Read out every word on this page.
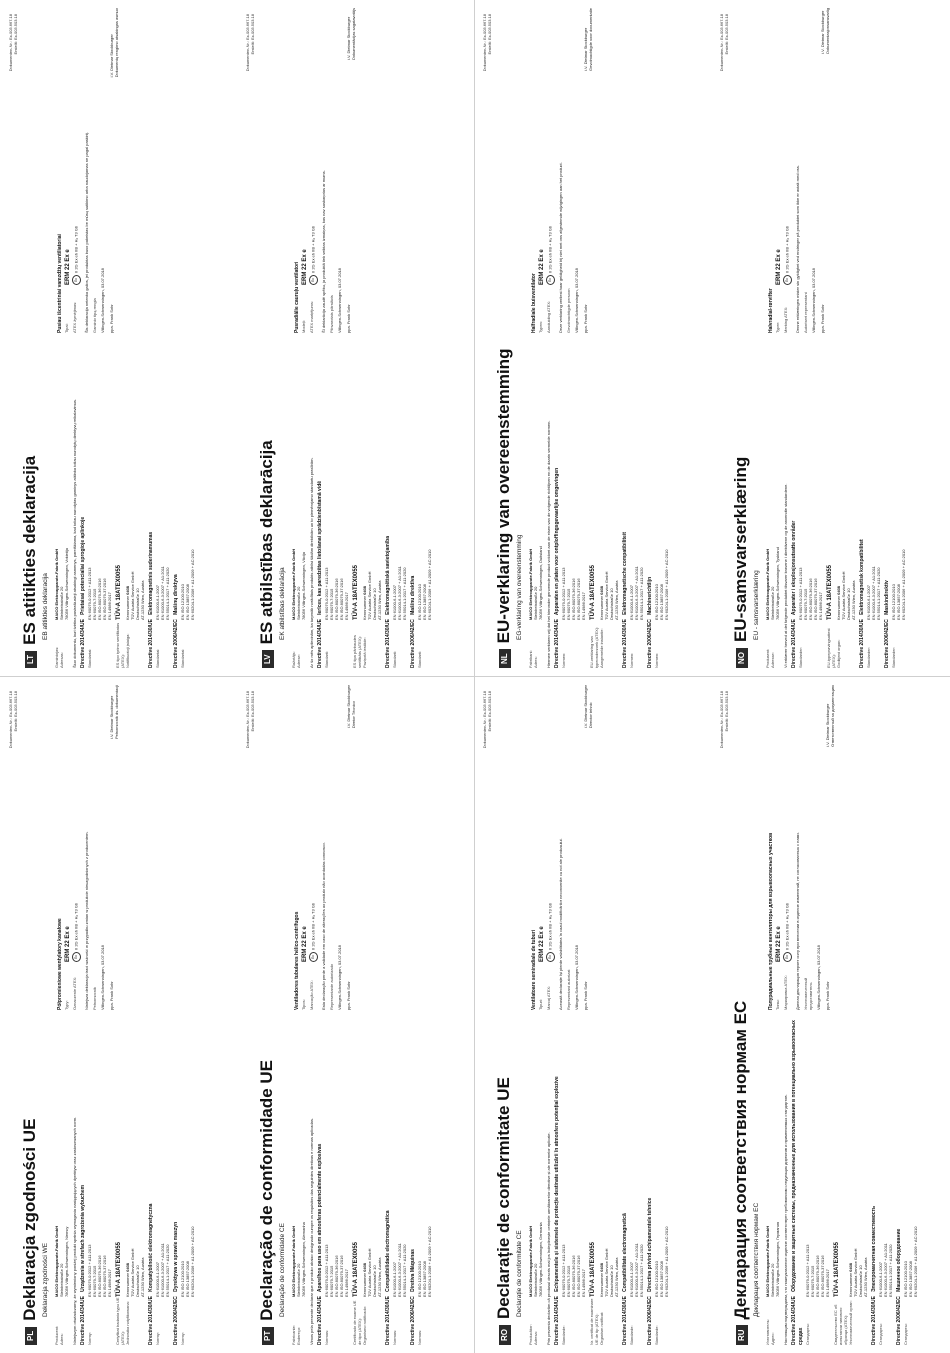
Dokumenten-Nr.: Ex-003.667.18 Erstellt: Ex-003.503.18
LTES atitikties deklaracija EB atitikties deklaracija
Gamintojas:
MAICO Elektroapparate-Fabrik GmbH
Adresas:
Steinbeisstraße 20 78056 Villingen-Schwenningen, Vokietija Šiuo dokumentu, kuri tvirtina pasirašiusieji atsakingi asmenys, pareiškiama, kad toliau nurodytas gaminys atitinka toliau nurodytų direktyvų reikalavimus. Directive 2014/34/UE   Prietaisai potencialiai sprogioje aplinkoje
Standartai:
EN 60079-0:2012 + A11:2013 EN 60079-7:2015 EN ISO 80079-36:2016 EN ISO 80079-37:2016 EN 14986:2017
ES tipo tyrimo sertifikatas (ATEX):
TÜV-A 18ATEX0055
Notifikuotoji įstaiga:
Kennnummer 0408 TÜV Austria Service GmbH Deutschstraße 10 AT-1230 Wien, Austria
Directive 2014/30/UE   Elektromagnetinis suderinamumas
Standartai:
EN 61000-6-1:2007 EN 61000-6-3:2007 + A1:2011 EN 55014-1:2017 + A11:2020
Directive 2006/42/EC   Mašinų direktyva
Standartai:
EN ISO 12100:2010 EN ISO 13857:2008 EN 60204-1:2006 + A1:2009 + AC:2010
Pusiau išcentriniai vamzdžių ventiliatoriai Tipai:
ERM 22 Ex e
ATEX žymėjimas:
ExII 2G Ex eh IIB + H₂ T3 Gb	Šis deklaracija netenka galios, jei produktas buvo pakeistas be mūsų sutikimo arba naudojamas ne pagal paskirtį. Gaminio tipą rengia Villingen-Schwenningen, 03.07.2018 ppa. Frank Sohr
i.V. Dietmar Stockburger Dokumentų rengimo atsakingas asmuo	Dokumenten-Nr.: Ex-003.667.18 Erstellt: Ex-003.503.18
LVES atbilstības deklarācija EK atbilstības deklarācija
Ražotājs:
MAICO Elektroapparate-Fabrik GmbH
Adrese:
Steinbeisstraße 20 78056 Villingen-Schwenningen, Vācija Ar šo mēs apliecinām, ka turpmāk norādītais produkts atbilst šādām direktīvām un to piemērojamo standartu prasībām. Directive 2014/34/UE   Ierīces, kas paredzētas lietošanai sprādzienbīstamā vidē
Standarti:
EN 60079-0:2012 + A11:2013 EN 60079-7:2015 EN ISO 80079-36:2016 EN ISO 80079-37:2016 EN 14986:2017
ES tipa pārbaudes sertifikāts (ATEX):
TÜV-A 18ATEX0055
Paziņotā iestāde:
Kennnummer 0408 TÜV Austria Service GmbH Deutschstraße 10 AT-1230 Wien, Austria
Directive 2014/30/UE   Elektromagnētiskā savietojamība
Standarti:
EN 61000-6-1:2007 EN 61000-6-3:2007 + A1:2011 EN 55014-1:2017 + A11:2020
Directive 2006/42/EC   Mašīnu direktīva
Standarti:
EN ISO 12100:2010 EN ISO 13857:2008 EN 60204-1:2006 + A1:2009 + AC:2010
Pusradiālie cauruļu ventilatori Modeļi:
ERM 22 Ex e
ATEX marķējums:
ExII 2G Ex eh IIB + H₂ T3 Gb	Šī deklarācija zaudē spēku, ja produktā tiek veiktas izmaiņas, kas nav saskaņotas ar mums. Pilnvarotais pārstāvis Villingen-Schwenningen, 03.07.2018 ppa. Frank Sohr
i.V. Dietmar Stockburger Dokumentācijas sagatavotājs	Dokumenten-Nr.: Ex-003.667.18 Erstellt: Ex-003.503.18
NLEU-verklaring van overeenstemming EG-verklaring van overeenstemming
Fabrikant:
MAICO Elektroapparate-Fabrik GmbH
Adres:
Steinbeisstraße 20 78056 Villingen-Schwenningen, Duitsland Hiermee verklaren wij dat het hieronder genoemde product voldoet aan de eisen van de volgende richtlijnen en de daarin vermelde normen. Directive 2014/34/UE   Apparaten en platen voor ontploffingsgevaarlijke omgevingen
Normen:
EN 60079-0:2012 + A11:2013 EN 60079-7:2015 EN ISO 80079-36:2016 EN ISO 80079-37:2016 EN 14986:2017
EU-verklaring van typeonderzoek (ATEX):
TÜV-A 18ATEX0055
Aangemelde instantie:
Kennnummer 0408 TÜV Austria Service GmbH Deutschstraße 10 AT-1230 Wien, Austria
Directive 2014/30/UE   Elektromagnetische compatibiliteit
Normen:
EN 61000-6-1:2007 EN 61000-6-3:2007 + A1:2011 EN 55014-1:2017 + A11:2020
Directive 2006/42/EC   Machinerichtlijn
Normen:
EN ISO 12100:2010 EN ISO 13857:2008 EN 60204-1:2006 + A1:2009 + AC:2010
Halfradiale buisventilator Typen:
ERM 22 Ex e
Aanduiding ATEX:
ExII 2G Ex eh IIB + H₂ T3 Gb	Deze verklaring verliest haar geldigheid bij niet met ons afgestemde wijzigingen aan het product. Gevolmachtigde persoon Villingen-Schwenningen, 03.07.2018 ppa. Frank Sohr
i.V. Dietmar Stockburger Gevolmachtigde voor documentatie	Dokumenten-Nr.: Ex-003.667.18 Erstellt: Ex-003.503.18
NOEU-samsvarserklæring EU - samsvarserklæring
Produsent:
MAICO Elektroapparate-Fabrik GmbH
Adresse:
Steinbeisstraße 20 78056 Villingen-Schwenningen, Tyskland Vi erklærer herved at det følgende produktet tilsvarer kravene i direktivene og de anvendte standardene. Directive 2014/34/UE   Apparater i eksplosjonsutsatte områder
Standarder:
EN 60079-0:2012 + A11:2013 EN 60079-7:2015 EN ISO 80079-36:2016 EN ISO 80079-37:2016 EN 14986:2017
EU-typeprøvingsattest (ATEX):
TÜV-A 18ATEX0055
Godkjent organ:
Kennnummer 0408 TÜV Austria Service GmbH Deutschstraße 10 AT-1230 Wien, Austria
Directive 2014/30/UE   Elektromagnetisk kompatibilitet
Standarder:
EN 61000-6-1:2007 EN 61000-6-3:2007 + A1:2011 EN 55014-1:2017 + A11:2020
Directive 2006/42/EC   Maskindirektiv
Standarder:
EN ISO 12100:2010 EN ISO 13857:2008 EN 60204-1:2006 + A1:2009 + AC:2010
Halvradial-rørvifter Typer:
ERM 22 Ex e
Merking ATEX:
ExII 2G Ex eh IIB + H₂ T3 Gb	Denne erklæringen mister sin gyldighet ved endringer på produktet som ikke er avtalt med oss. Autorisert representant Villingen-Schwenningen, 03.07.2018 ppa. Frank Sohr
i.V. Dietmar Stockburger Dokumentasjonsansvarlig
Dokumenten-Nr.: Ex-003.667.18 Erstellt: Ex-003.503.18
PLDeklaracja zgodności UE Deklaracja zgodności WE
Producent:
MAICO Elektroapparate-Fabrik GmbH
Adres:
Steinbeisstraße 20 78056 Villingen-Schwenningen, Niemcy Niniejszym oświadczamy, że wymieniony poniżej produkt spełnia wymagania następujących dyrektyw oraz zastosowanych norm. Directive 2014/34/UE   Urządzenia w strefach zagrożenia wybuchem
Normy:
EN 60079-0:2012 + A11:2013 EN 60079-7:2015 EN ISO 80079-36:2016 EN ISO 80079-37:2016 EN 14986:2017
Certyfikat badania typu UE (ATEX):
TÜV-A 18ATEX0055
Jednostka notyfikowana:
Kennnummer 0408 TÜV Austria Service GmbH Deutschstraße 10 AT-1230 Wien, Austria
Directive 2014/30/UE   Kompatybilność elektromagnetyczna
Normy:
EN 61000-6-1:2007 EN 61000-6-3:2007 + A1:2011 EN 55014-1:2017 + A11:2020
Directive 2006/42/EC   Dyrektywa w sprawie maszyn
Normy:
EN ISO 12100:2010 EN ISO 13857:2008 EN 60204-1:2006 + A1:2009 + AC:2010
Półpromieniowe wentylatory kanałowe Typy:
ERM 22 Ex e
Oznaczenie ATEX:
ExII 2G Ex eh IIB + H₂ T3 Gb	Niniejsza deklaracja traci ważność w przypadku zmian w produkcie nieuzgodnionych z producentem. Pełnomocnik Villingen-Schwenningen, 03.07.2018 ppa. Frank Sohr
i.V. Dietmar Stockburger Pełnomocnik ds. dokumentacji	Dokumenten-Nr.: Ex-003.667.18 Erstellt: Ex-003.503.18
PTDeclaração de conformidade UE Declaração de conformidade CE
Fabricante:
MAICO Elektroapparate-Fabrik GmbH
Endereço:
Steinbeisstraße 20 78056 Villingen-Schwenningen, Alemanha Vimos pela presente declarar que o produto abaixo designado cumpre os requisitos das seguintes diretivas e normas aplicadas. Directive 2014/34/UE   Aparelhos para uso em atmosferas potencialmente explosivas
Normas:
EN 60079-0:2012 + A11:2013 EN 60079-7:2015 EN ISO 80079-36:2016 EN ISO 80079-37:2016 EN 14986:2017
Certificado de exame UE de tipo (ATEX):
TÜV-A 18ATEX0055
Organismo notificado:
Kennnummer 0408 TÜV Austria Service GmbH Deutschstraße 10 AT-1230 Wien, Austria
Directive 2014/30/UE   Compatibilidade electromagnética
Normas:
EN 61000-6-1:2007 EN 61000-6-3:2007 + A1:2011 EN 55014-1:2017 + A11:2020
Directive 2006/42/EC   Diretiva Máquinas
Normas:
EN ISO 12100:2010 EN ISO 13857:2008 EN 60204-1:2006 + A1:2009 + AC:2010
Ventiladores tubulares hélico-centrífugos Tipos:
ERM 22 Ex e
Marcação ATEX:
ExII 2G Ex eh IIB + H₂ T3 Gb	Esta declaração perde a validade em caso de alterações ao produto não acordadas connosco. Representante autorizado Villingen-Schwenningen, 03.07.2018 ppa. Frank Sohr
i.V. Dietmar Stockburger Diretor Técnico	Dokumenten-Nr.: Ex-003.667.18 Erstellt: Ex-003.503.18
RODeclarație de conformitate UE Declarație de conformitate CE
Producător:
MAICO Elektroapparate-Fabrik GmbH
Adresa:
Steinbeisstraße 20 78056 Villingen-Schwenningen, Germania Prin prezenta declarăm că produsul descris mai jos îndeplinește cerințele următoarelor directive și ale normelor aplicate. Directive 2014/34/UE   Echipamentele și sistemele de protecție destinate utilizării în atmosfere potențial explozive
Standarde:
EN 60079-0:2012 + A11:2013 EN 60079-7:2015 EN ISO 80079-36:2016 EN ISO 80079-37:2016 EN 14986:2017
Nr. certificat de examinare UE de tip (ATEX):
TÜV-A 18ATEX0055
Organism notificat:
Kennnummer 0408 TÜV Austria Service GmbH Deutschstraße 10 AT-1230 Wien, Austria
Directive 2014/30/UE   Compatibilitate electromagnetică
Standarde:
EN 61000-6-1:2007 EN 61000-6-3:2007 + A1:2011 EN 55014-1:2017 + A11:2020
Directive 2006/42/EC   Directiva privind echipamentele tehnice
Standarde:
EN ISO 12100:2010 EN ISO 13857:2008 EN 60204-1:2006 + A1:2009 + AC:2010
Ventilatoare semiradiale de tuburi Tipuri:
ERM 22 Ex e
Marcaj ATEX:
ExII 2G Ex eh IIB + H₂ T3 Gb	Această declarație își pierde valabilitatea în cazul modificărilor neconvenite cu noi ale produsului. Reprezentant autorizat Villingen-Schwenningen, 03.07.2018 ppa. Frank Sohr
i.V. Dietmar Stockburger Director tehnic	Dokumenten-Nr.: Ex-003.667.18 Erstellt: Ex-003.503.18
RUДекларация соответствия нормам ЕС Декларация соответствия нормам ЕС
Изготовитель:
MAICO Elektroapparate-Fabrik GmbH
Адрес:
Steinbeisstraße 20 78056 Villingen-Schwenningen, Германия Настоящим подтверждаем, что нижеуказанное изделие соответствует требованиям следующих директив и применяемых стандартов. Directive 2014/34/UE   Оборудование и защитные системы, предназначенные для использования в потенциально взрывоопасных средах Стандарты:
EN 60079-0:2012 + A11:2013 EN 60079-7:2015 EN ISO 80079-36:2016 EN ISO 80079-37:2016 EN 14986:2017
Свидетельство ЕС об испытании типового образца (ATEX):
TÜV-A 18ATEX0055
Уполномоченный орган:
Kennnummer 0408 TÜV Austria Service GmbH Deutschstraße 10 AT-1230 Wien, Austria
Directive 2014/30/UE   Электромагнитная совместимость
Стандарты:
EN 61000-6-1:2007 EN 61000-6-3:2007 + A1:2011 EN 55014-1:2017 + A11:2020
Directive 2006/42/EC   Машинное оборудование
Стандарты:
EN ISO 12100:2010 EN ISO 13857:2008 EN 60204-1:2006 + A1:2009 + AC:2010
Полурадиальные трубные вентиляторы для взрывоопасных участков Типы:
ERM 22 Ex e
Маркировка ATEX:
ExII 2G Ex eh IIB + H₂ T3 Gb	Данная декларация теряет силу при внесении в изделие изменений, не согласованных с нами. Уполномоченный представитель Villingen-Schwenningen, 03.07.2018 ppa. Frank Sohr
i.V. Dietmar Stockburger Ответственный за документацию
